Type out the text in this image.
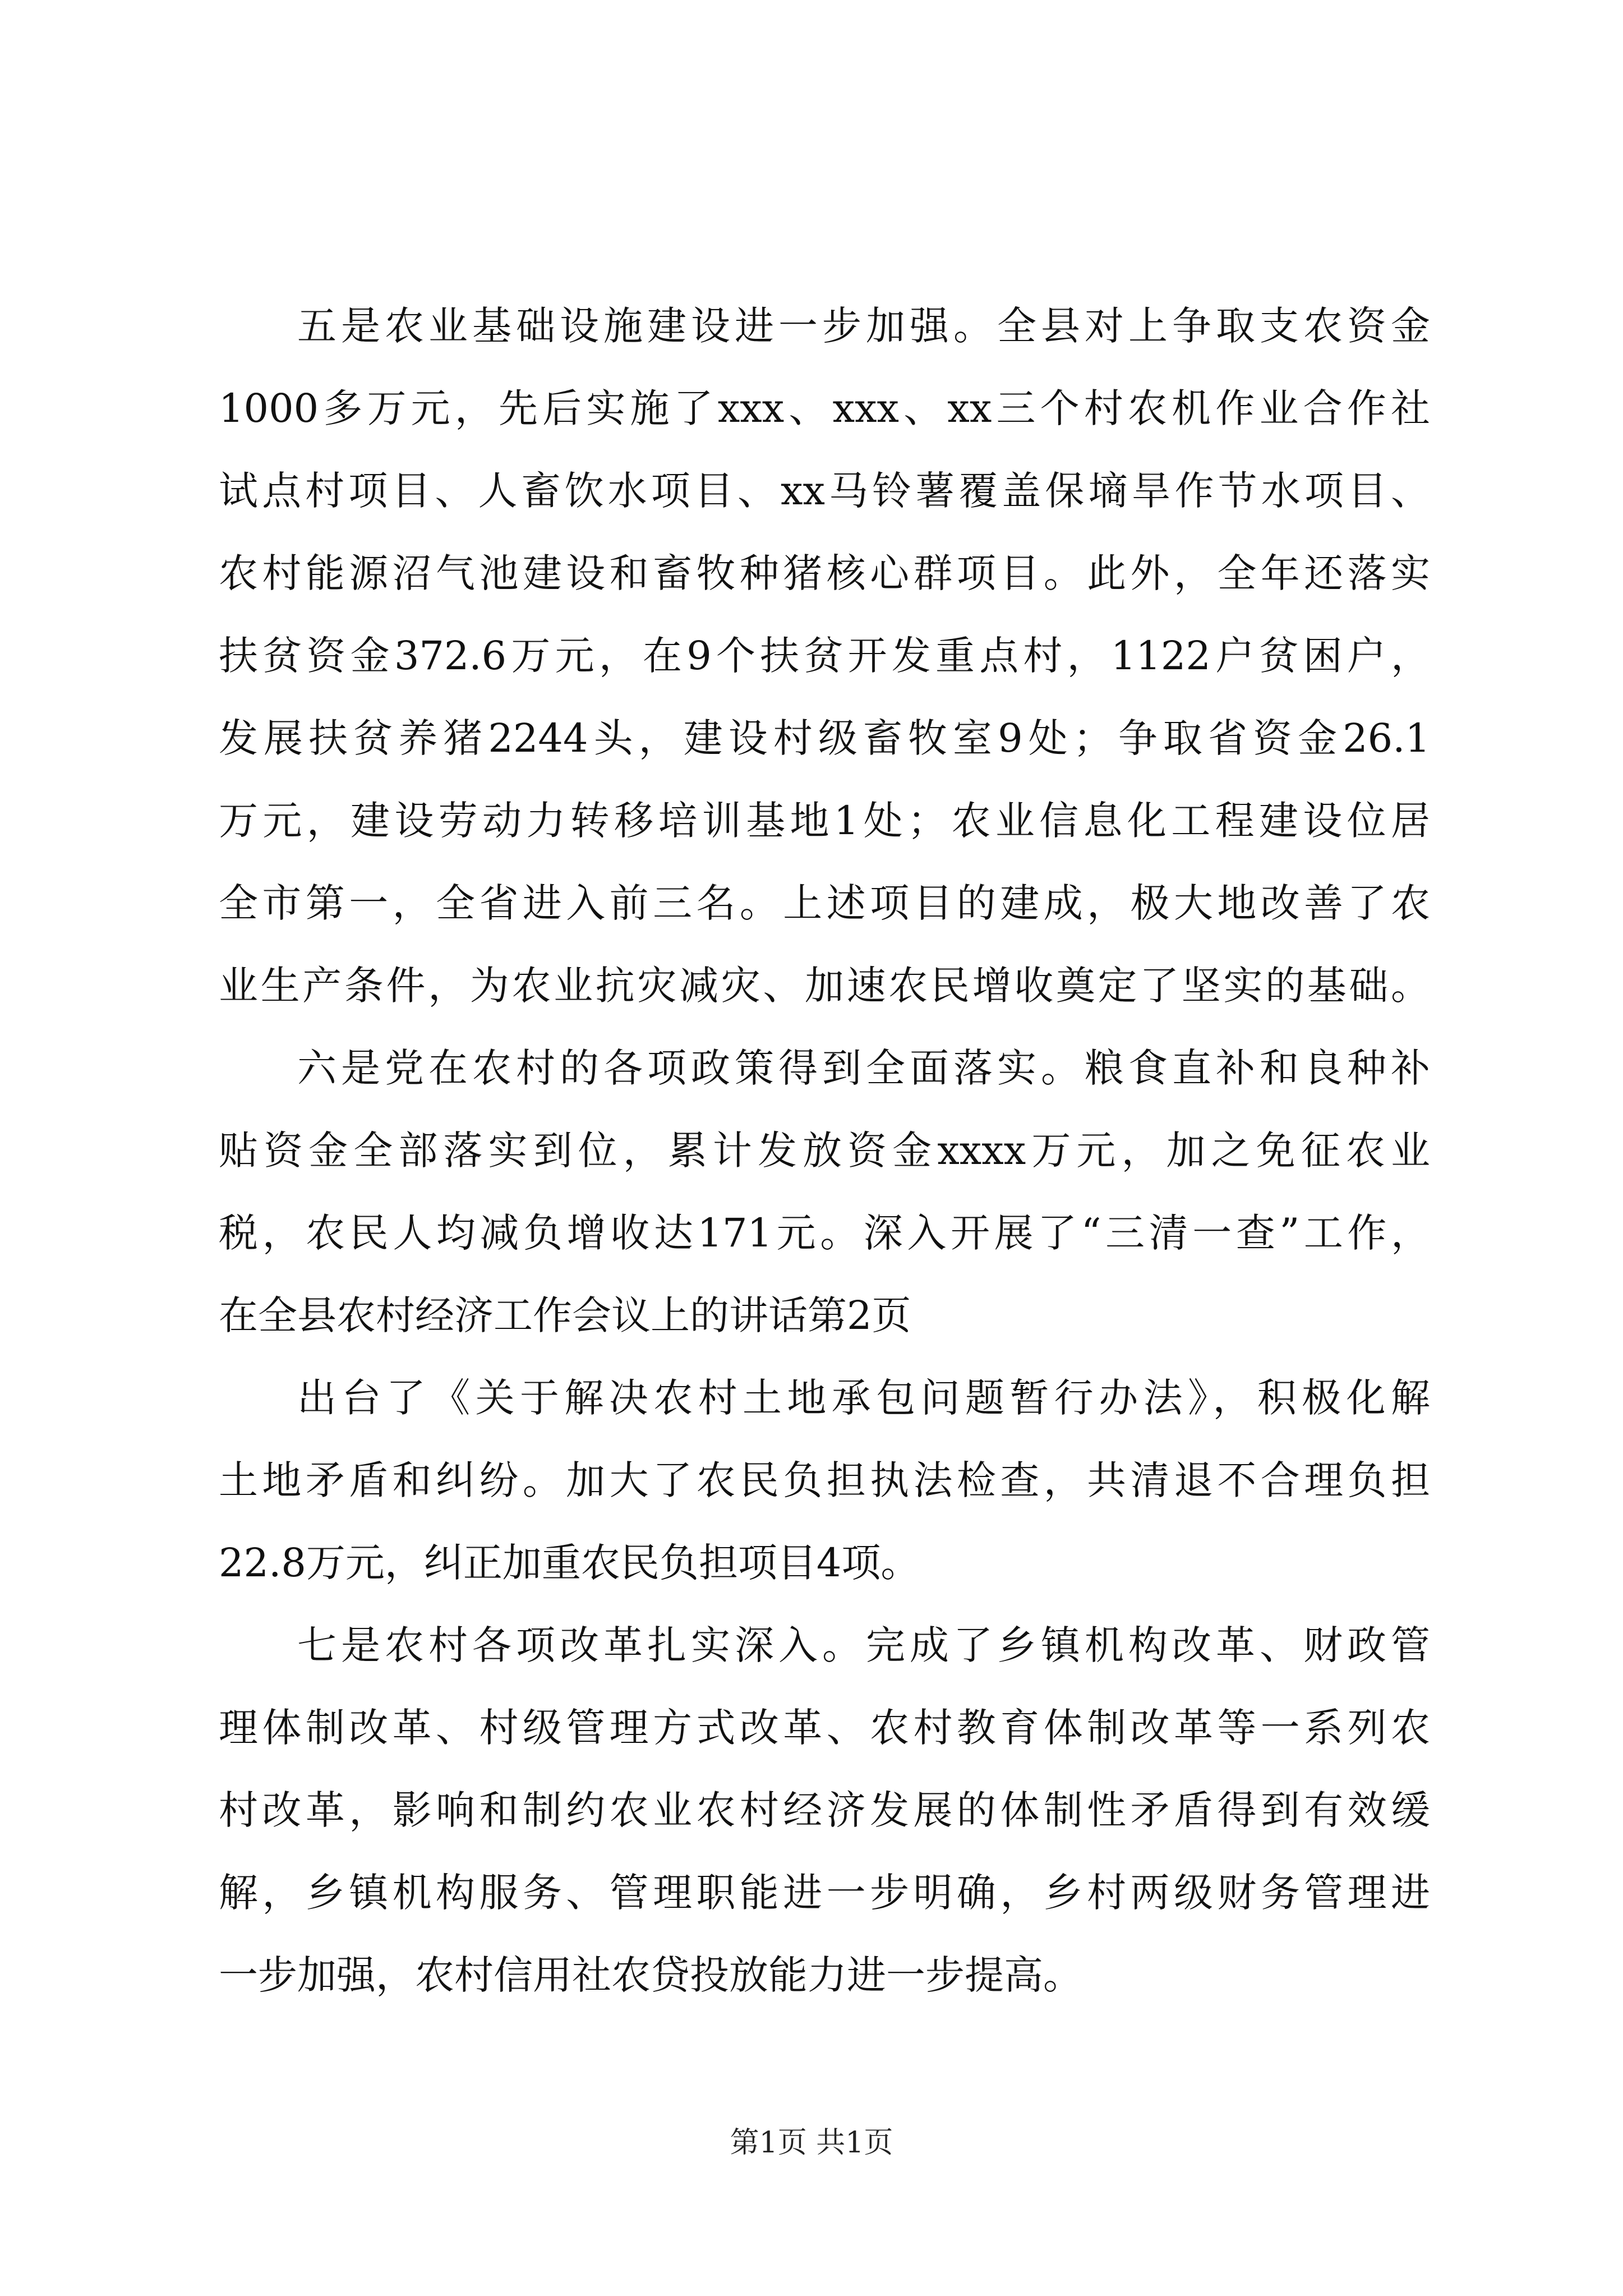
五是农业基础设施建设进一步加强。全县对上争取支农资金
1000多万元，先后实施了xxx、xxx、xx三个村农机作业合作社
试点村项目、人畜饮水项目、xx马铃薯覆盖保墒旱作节水项目、
农村能源沼气池建设和畜牧种猪核心群项目。此外，全年还落实
扶贫资金372.6万元，在9个扶贫开发重点村，1122户贫困户，
发展扶贫养猪2244头，建设村级畜牧室9处；争取省资金26.1
万元，建设劳动力转移培训基地1处；农业信息化工程建设位居
全市第一，全省进入前三名。上述项目的建成，极大地改善了农
业生产条件，为农业抗灾减灾、加速农民增收奠定了坚实的基础。
六是党在农村的各项政策得到全面落实。粮食直补和良种补
贴资金全部落实到位，累计发放资金xxxx万元，加之免征农业
税，农民人均减负增收达171元。深入开展了“三清一查”工作，
在全县农村经济工作会议上的讲话第2页
出台了《关于解决农村土地承包问题暂行办法》，积极化解
土地矛盾和纠纷。加大了农民负担执法检查，共清退不合理负担
22.8万元，纠正加重农民负担项目4项。
七是农村各项改革扎实深入。完成了乡镇机构改革、财政管
理体制改革、村级管理方式改革、农村教育体制改革等一系列农
村改革，影响和制约农业农村经济发展的体制性矛盾得到有效缓
解，乡镇机构服务、管理职能进一步明确，乡村两级财务管理进
一步加强，农村信用社农贷投放能力进一步提高。
第1页 共1页
